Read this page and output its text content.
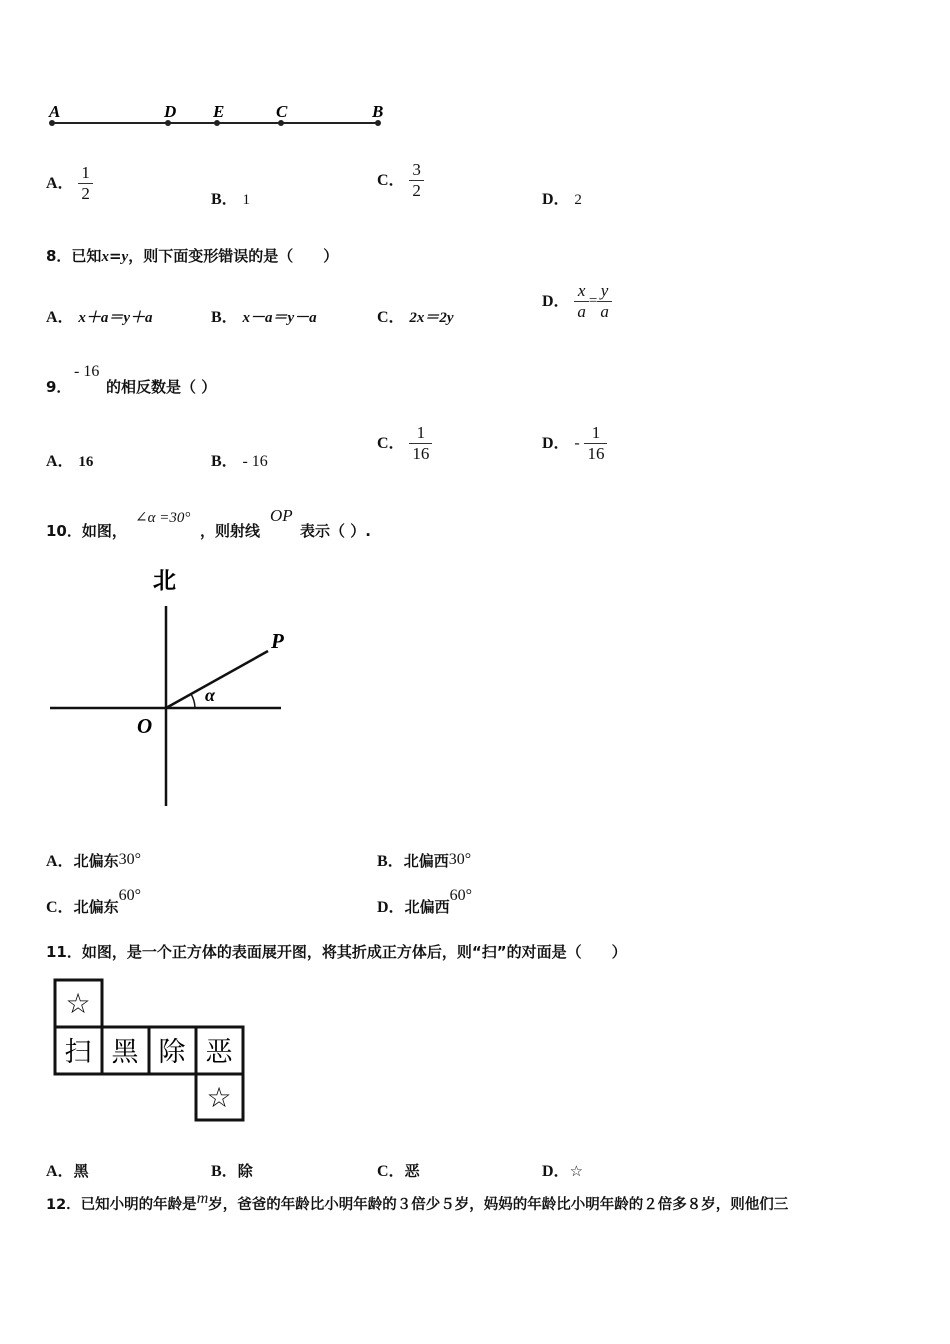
A	D E	C	B
A． $\frac{1}{2}$	B． 1
C． $\frac{3}{2}$	D． 2
8．已知x=y，则下面变形错误的是（　　）
A． x＋a＝y＋a	B． x－a＝y－a	C． 2x＝2y
D． $\frac{x}{a} = \frac{y}{a}$
9．
- 16
的相反数是（ ）
A． 16	B． - 16
C． $\frac{1}{16}$	D． - $\frac{1}{16}$
10．如图，
∠α =30°
，则射线
OP
表示（ ）.
北
O
P
α
A．北偏东30°	B．北偏西30°
C．北偏东60°
D．北偏西60°
11．如图，是一个正方体的表面展开图，将其折成正方体后，则“扫”的对面是（　　）
☆
扫 黑 除 恶
☆
A．黑	B．除	C．恶	D．☆
12．已知小明的年龄是m岁，爸爸的年龄比小明年龄的３倍少５岁，妈妈的年龄比小明年龄的２倍多８岁，则他们三
